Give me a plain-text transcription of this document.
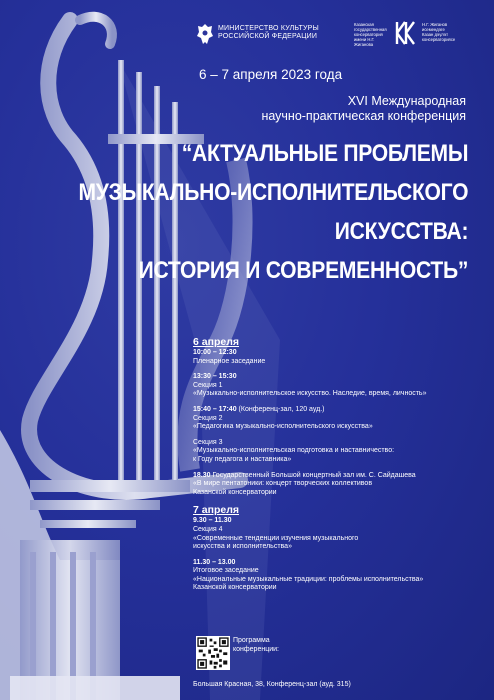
МИНИСТЕРСТВО КУЛЬТУРЫ
РОССИЙСКОЙ ФЕДЕРАЦИИ
Казанская
государственная
консерватория
имени Н.Г. Жиганова
Н.Г. Жиганов
исемендәге
Казан дәүләт
консерваториясе
6 – 7 апреля 2023 года
XVI Международная
научно-практическая конференция
“АКТУАЛЬНЫЕ ПРОБЛЕМЫ
МУЗЫКАЛЬНО-ИСПОЛНИТЕЛЬСКОГО
ИСКУССТВА:
ИСТОРИЯ И СОВРЕМЕННОСТЬ”
6 апреля
10:00 – 12:30
Пленарное заседание
13:30 – 15:30
Секция 1
«Музыкально-исполнительское искусство. Наследие, время, личность»
15:40 – 17:40 (Конференц-зал, 120 ауд.)
Секция 2
«Педагогика музыкально-исполнительского искусства»
Секция 3
«Музыкально-исполнительская подготовка и наставничество:
к Году педагога и наставника»
18.30 Государственный Большой концертный зал им. С. Сайдашева
«В мире пентатоники: концерт творческих коллективов
Казанской консерватории
7 апреля
9.30 – 11.30
Секция 4
«Современные тенденции изучения музыкального
искусства и исполнительства»
11.30 – 13.00
Итоговое заседание
«Национальные музыкальные традиции: проблемы исполнительства»
Казанской консерватории
Программа
конференции:
Большая Красная, 38, Конференц-зал (ауд. 315)
